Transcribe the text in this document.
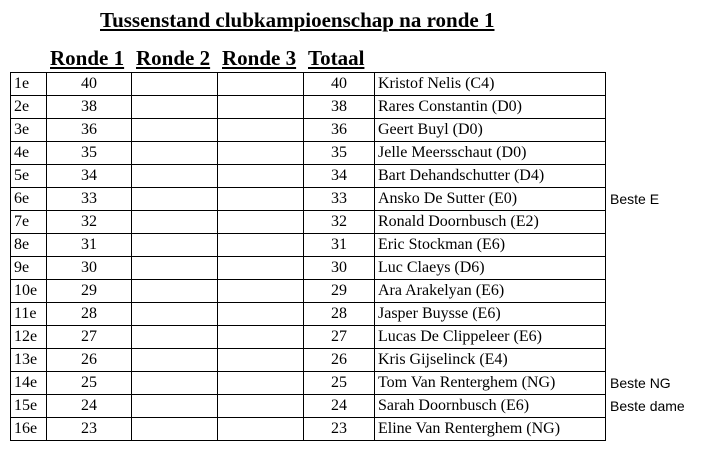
Tussenstand clubkampioenschap na ronde 1
Ronde 1 Ronde 2 Ronde 3 Totaal
1e	40			40	Kristof Nelis (C4)	
2e	38			38	Rares Constantin (D0)	
3e	36			36	Geert Buyl (D0)	
4e	35			35	Jelle Meersschaut (D0)	
5e	34			34	Bart Dehandschutter (D4)	
6e	33			33	Ansko De Sutter (E0)	Beste E
7e	32			32	Ronald Doornbusch (E2)	
8e	31			31	Eric Stockman (E6)	
9e	30			30	Luc Claeys (D6)	
10e	29			29	Ara Arakelyan (E6)	
11e	28			28	Jasper Buysse (E6)	
12e	27			27	Lucas De Clippeleer (E6)	
13e	26			26	Kris Gijselinck (E4)	
14e	25			25	Tom Van Renterghem (NG)	Beste NG
15e	24			24	Sarah Doornbusch (E6)	Beste dame
16e	23			23	Eline Van Renterghem (NG)	
